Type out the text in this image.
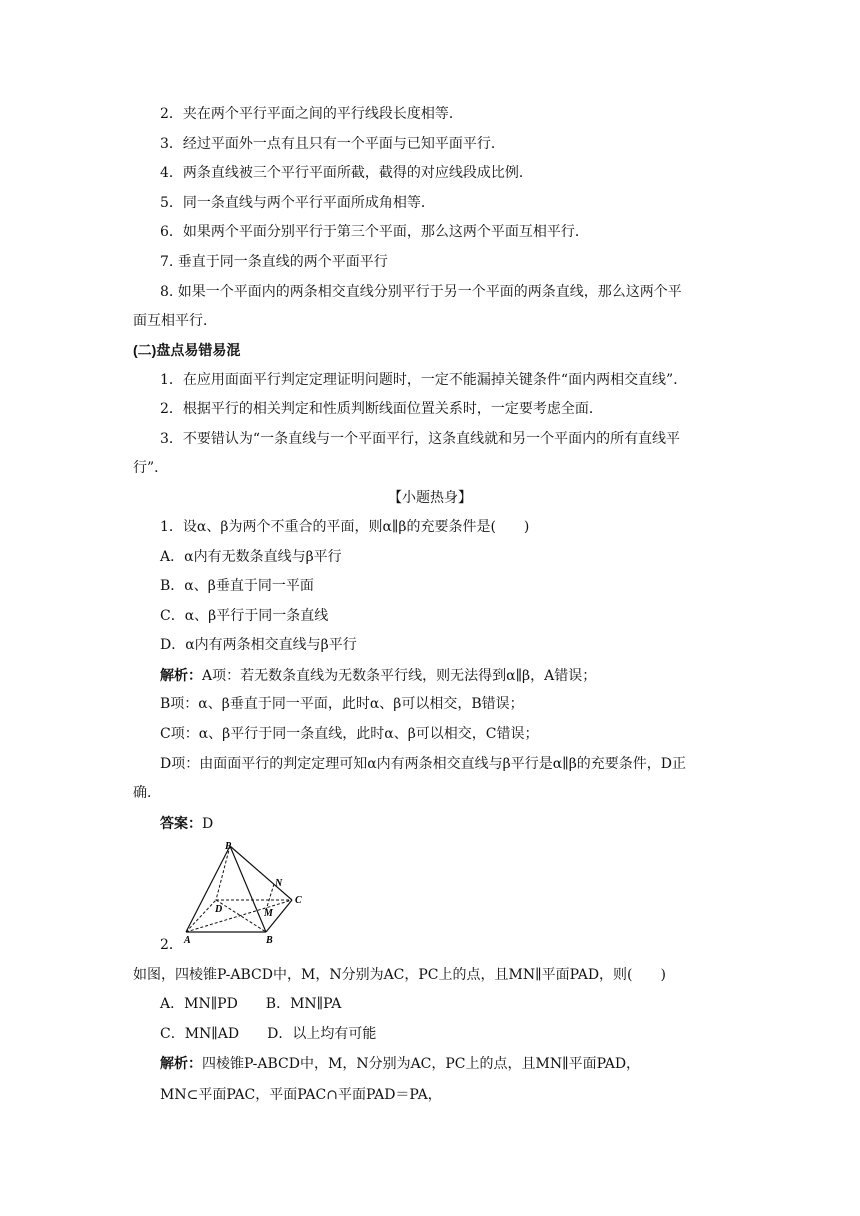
2．夹在两个平行平面之间的平行线段长度相等．
3．经过平面外一点有且只有一个平面与已知平面平行．
4．两条直线被三个平行平面所截，截得的对应线段成比例．
5．同一条直线与两个平行平面所成角相等．
6．如果两个平面分别平行于第三个平面，那么这两个平面互相平行．
7. 垂直于同一条直线的两个平面平行
8. 如果一个平面内的两条相交直线分别平行于另一个平面的两条直线，那么这两个平
面互相平行．
(二)盘点易错易混
1．在应用面面平行判定定理证明问题时，一定不能漏掉关键条件“面内两相交直线”．
2．根据平行的相关判定和性质判断线面位置关系时，一定要考虑全面．
3．不要错认为“一条直线与一个平面平行，这条直线就和另一个平面内的所有直线平
行”．
【小题热身】
1．设α、β为两个不重合的平面，则α∥β的充要条件是(　　)
A．α内有无数条直线与β平行
B．α、β垂直于同一平面
C．α、β平行于同一条直线
D．α内有两条相交直线与β平行
解析：A项：若无数条直线为无数条平行线，则无法得到α∥β，A错误；
B项：α、β垂直于同一平面，此时α、β可以相交，B错误；
C项：α、β平行于同一条直线，此时α、β可以相交，C错误；
D项：由面面平行的判定定理可知α内有两条相交直线与β平行是α∥β的充要条件，D正
确．
答案：D
P
N
D
C
M
A	B
2．
如图，四棱锥P-ABCD中，M，N分别为AC，PC上的点，且MN∥平面PAD，则(　　)
A．MN∥PD　　B．MN∥PA
C．MN∥AD　　D．以上均有可能
解析：四棱锥P-ABCD中，M，N分别为AC，PC上的点，且MN∥平面PAD，
MN⊂平面PAC，平面PAC∩平面PAD＝PA，
